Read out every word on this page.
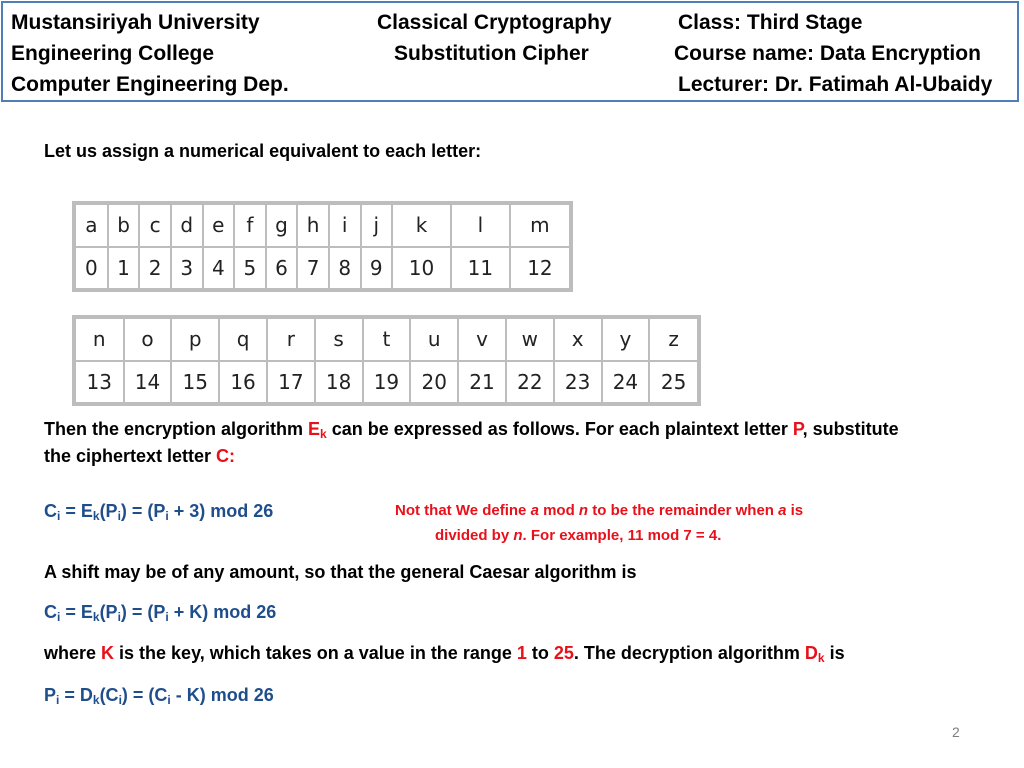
Mustansiriyah University
Engineering College
Computer Engineering Dep.
Classical Cryptography
Substitution Cipher
Class: Third Stage
Course name: Data Encryption
Lecturer: Dr. Fatimah Al-Ubaidy
Let us assign a numerical equivalent to each letter:
a	b	c	d	e	f	g	h	i	j	k	l	m
0	1	2	3	4	5	6	7	8	9	10	11	12
n	o	p	q	r	s	t	u	v	w	x	y	z
13	14	15	16	17	18	19	20	21	22	23	24	25
Then the encryption algorithm $E_k$ can be expressed as follows. For each plaintext letter P, substitute
the ciphertext letter C:
$C_i = E_k(P_i) = (P_i + 3)$ mod 26	Not that We define a mod n to be the remainder when a is
divided by n. For example, 11 mod 7 = 4.
A shift may be of any amount, so that the general Caesar algorithm is
$C_i = E_k(P_i) = (P_i + K)$ mod 26
where K is the key, which takes on a value in the range 1 to 25. The decryption algorithm $D_k$ is
$P_i = D_k(C_i) = (C_i - K)$ mod 26
2
